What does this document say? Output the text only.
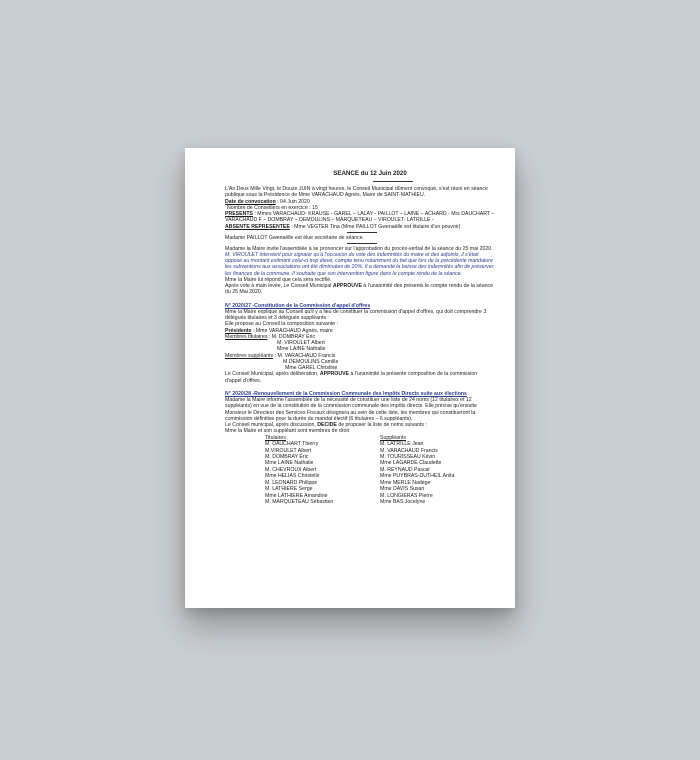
SEANCE du 12 Juin 2020

L'An Deux Mille Vingt, le Douze JUIN à vingt heures, le Conseil Municipal dûment convoqué, s'est réuni en séance publique sous la Présidence de Mme VARACHAUD Agnès, Maire de SAINT-MATHIEU.

Date de convocation : 04 Juin 2020

Nombre de Conseillers en exercice : 15

PRESENTS : Mmes VARACHAUD- KRAUSE - GAREL – LALAY - PAILLOT – LAINE – ACHARD - Mrs DAUCHART – VARACHAUD F – DOMBRAY – DEMOULINS – MARQUETEAU – VIROULET- LATRILLE -

ABSENTE REPRESENTEE : Mme VEGTER Tina (Mme PAILLOT Gwenaëlle est titulaire d'un pouvoir)

Madame PAILLOT Gwenaëlle est élue secrétaire de séance.

Madame la Maire invite l'assemblée à se prononcer sur l'approbation du procès-verbal de la séance du 25 mai 2020.

M. VIROULET intervient pour signaler qu'à l'occasion du vote des indemnités du maire et des adjoints, il s'était opposé au montant estimant celui-ci trop élevé, compte tenu notamment du fait que lors de la précédente mandature les subventions aux associations ont été diminuées de 20%. Il a demandé la baisse des indemnités afin de préserver les finances de la commune. Il souhaite que son intervention figure dans le compte rendu de la séance.

Mme la Maire lui répond que cela sera rectifié.

Après vote à main levée, Le Conseil Municipal APPROUVE à l'unanimité des présents le compte rendu de la séance du 25 Mai 2020.

N° 2020/27 -Constitution de la Commission d'appel d'offres

Mme la Maire explique au Conseil qu'il y a lieu de constituer la commission d'appel d'offres, qui doit comprendre 3 délégués titulaires et 3 délégués suppléants :

Elle propose au Conseil la composition suivante :

Présidente : Mme VARACHAUD Agnès, maire

Membres titulaires : M. DOMBRAY Éric

M. VIROULET Albert

Mme LAINE Nathalie

Membres suppléants : M. VARACHAUD Francis

M.DEMOULINS Camille

Mme GAREL Christine

Le Conseil Municipal, après délibération, APPROUVE à l'unanimité la présente composition de la commission d'appel d'offres.

N° 2020/28 -Renouvellement de la Commission Communale des Impôts Directs suite aux élections

Madame la Maire informe l'assemblée de la nécessité de constituer une liste de 24 noms (12 titulaires et 12 suppléants) en vue de la constitution de la commission communale des impôts directs. Elle précise qu'ensuite Monsieur le Directeur des Services Fiscaux désignera au sein de cette liste, les membres qui constitueront la commission définitive pour la durée du mandat électif (6 titulaires – 6 suppléants).

Le Conseil municipal, après discussion, DECIDE de proposer la liste de noms suivants :

Mme la Maire et son suppléant sont membres de droit

Titulaires

M. DAUCHART Thierry

M.VIROULET Albert

M. DOMBRAY Éric

Mme LAINE Nathalie

M. CHEVROUX Albert

Mme HELIAS Christelle

M. LEONARD Philippe

M. LATHIERE Serge

Mme LATHIERE Amandine

M. MARQUETEAU Sébastien

Suppléants

M. LATRILLE Jean

M. VARACHAUD Francis

M. TOURISSEAU Kévin

Mme LAGARDE Claudette

M. REYNAUD Pascal

Mme PUYBRAS-DUTHEIL Anita

Mme MERLE Nadège

Mme DAVIS Susan

M. LONGIERAS Pierre

Mme BAS Jocelyne
